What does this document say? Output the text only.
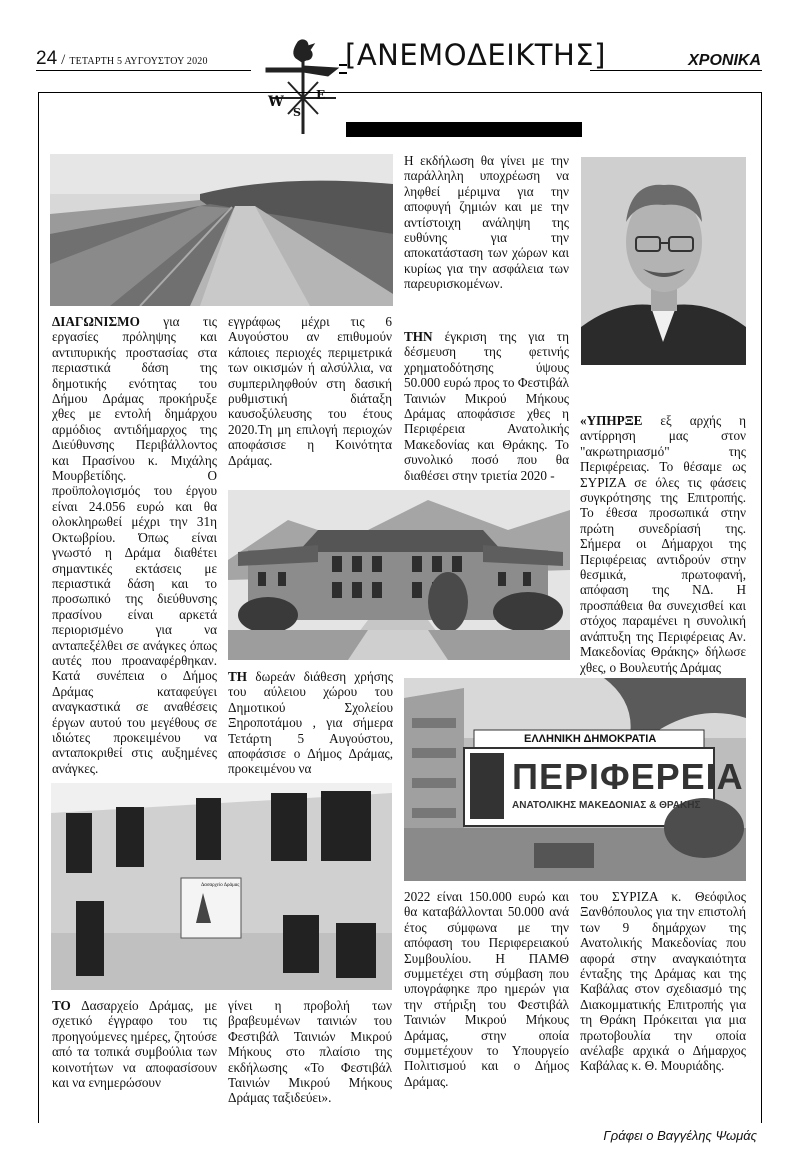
24 / ΤΕΤΑΡΤΗ 5 ΑΥΓΟΥΣΤΟΥ 2020
W	E
S
[ΑΝΕΜΟΔΕΙΚΤΗΣ]	ΧΡΟΝΙΚΑ

ΔΙΑΓΩΝΙΣΜΟ για τις εργασίες πρόληψης και αντιπυρικής προστασίας στα περιαστικά δάση της δημοτικής ενότητας του Δήμου Δράμας προκήρυξε χθες με εντολή δημάρχου αρμόδιος αντιδήμαρχος της Διεύθυνσης Περιβάλλοντος και Πρασίνου κ. Μιχάλης Μουρβετίδης. Ο προϋπολογισμός του έργου είναι 24.056 ευρώ και θα ολοκληρωθεί μέχρι την 31η Οκτωβρίου. Όπως είναι γνωστό η Δράμα διαθέτει σημαντικές εκτάσεις με περιαστικά δάση και το προσωπικό της διεύθυνσης πρασίνου είναι αρκετά περιορισμένο για να ανταπεξέλθει σε ανάγκες όπως αυτές που προαναφέρθηκαν. Κατά συνέπεια ο Δήμος Δράμας καταφεύγει αναγκαστικά σε αναθέσεις έργων αυτού του μεγέθους σε ιδιώτες προκειμένου να ανταποκριθεί στις αυξημένες ανάγκες.

εγγράφως μέχρι τις 6 Αυγούστου αν επιθυμούν κάποιες περιοχές περιμετρικά των οικισμών ή αλσύλλια, να συμπεριληφθούν στη δασική ρυθμιστική διάταξη καυσοξύλευσης του έτους 2020.Τη μη επιλογή περιοχών αποφάσισε η Κοινότητα Δράμας.

Η εκδήλωση θα γίνει με την παράλληλη υποχρέωση να ληφθεί μέριμνα για την αποφυγή ζημιών και με την αντίστοιχη ανάληψη της ευθύνης για την αποκατάσταση των χώρων και κυρίως για την ασφάλεια των παρευρισκομένων.

ΤΗΝ έγκριση της για τη δέσμευση της φετινής χρηματοδότησης ύψους 50.000 ευρώ προς το Φεστιβάλ Ταινιών Μικρού Μήκους Δράμας αποφάσισε χθες η Περιφέρεια Ανατολικής Μακεδονίας και Θράκης. Το συνολικό ποσό που θα διαθέσει στην τριετία 2020 -

«ΥΠΗΡΞΕ εξ αρχής η αντίρρηση μας στον "ακρωτηριασμό" της Περιφέρειας. Το θέσαμε ως ΣΥΡΙΖΑ σε όλες τις φάσεις συγκρότησης της Επιτροπής. Το έθεσα προσωπικά στην πρώτη συνεδρίασή της. Σήμερα οι Δήμαρχοι της Περιφέρειας αντιδρούν στην θεσμικά, πρωτοφανή, απόφαση της ΝΔ. Η προσπάθεια θα συνεχισθεί και στόχος παραμένει η συνολική ανάπτυξη της Περιφέρειας Αν. Μακεδονίας Θράκης» δήλωσε χθες, ο Βουλευτής Δράμας

ΤΗ δωρεάν διάθεση χρήσης του αύλειου χώρου του Δημοτικού Σχολείου Ξηροποτάμου , για σήμερα Τετάρτη 5 Αυγούστου, αποφάσισε ο Δήμος Δράμας, προκειμένου να

ΕΛΛΗΝΙΚΗ ΔΗΜΟΚΡΑΤΙΑ
ΠΕΡΙΦΕΡΕΙΑ
ΑΝΑΤΟΛΙΚΗΣ ΜΑΚΕΔΟΝΙΑΣ & ΘΡΑΚΗΣ
Δασαρχείο Δράμας

2022 είναι 150.000 ευρώ και θα καταβάλλονται 50.000 ανά έτος σύμφωνα με την απόφαση του Περιφερειακού Συμβουλίου. Η ΠΑΜΘ συμμετέχει στη σύμβαση που υπογράφηκε προ ημερών για την στήριξη του Φεστιβάλ Ταινιών Μικρού Μήκους Δράμας, στην οποία συμμετέχουν το Υπουργείο Πολιτισμού και ο Δήμος Δράμας.

του ΣΥΡΙΖΑ κ. Θεόφιλος Ξανθόπουλος για την επιστολή των 9 δημάρχων της Ανατολικής Μακεδονίας που αφορά στην αναγκαιότητα ένταξης της Δράμας και της Καβάλας στον σχεδιασμό της Διακομματικής Επιτροπής για τη Θράκη Πρόκειται για μια πρωτοβουλία την οποία ανέλαβε αρχικά ο Δήμαρχος Καβάλας κ. Θ. Μουριάδης.

ΤΟ Δασαρχείο Δράμας, με σχετικό έγγραφο του τις προηγούμενες ημέρες, ζητούσε από τα τοπικά συμβούλια των κοινοτήτων να αποφασίσουν και να ενημερώσουν

γίνει η προβολή των βραβευμένων ταινιών του Φεστιβάλ Ταινιών Μικρού Μήκους στο πλαίσιο της εκδήλωσης «Το Φεστιβάλ Ταινιών Μικρού Μήκους Δράμας ταξιδεύει».

Γράφει ο Βαγγέλης Ψωμάς
